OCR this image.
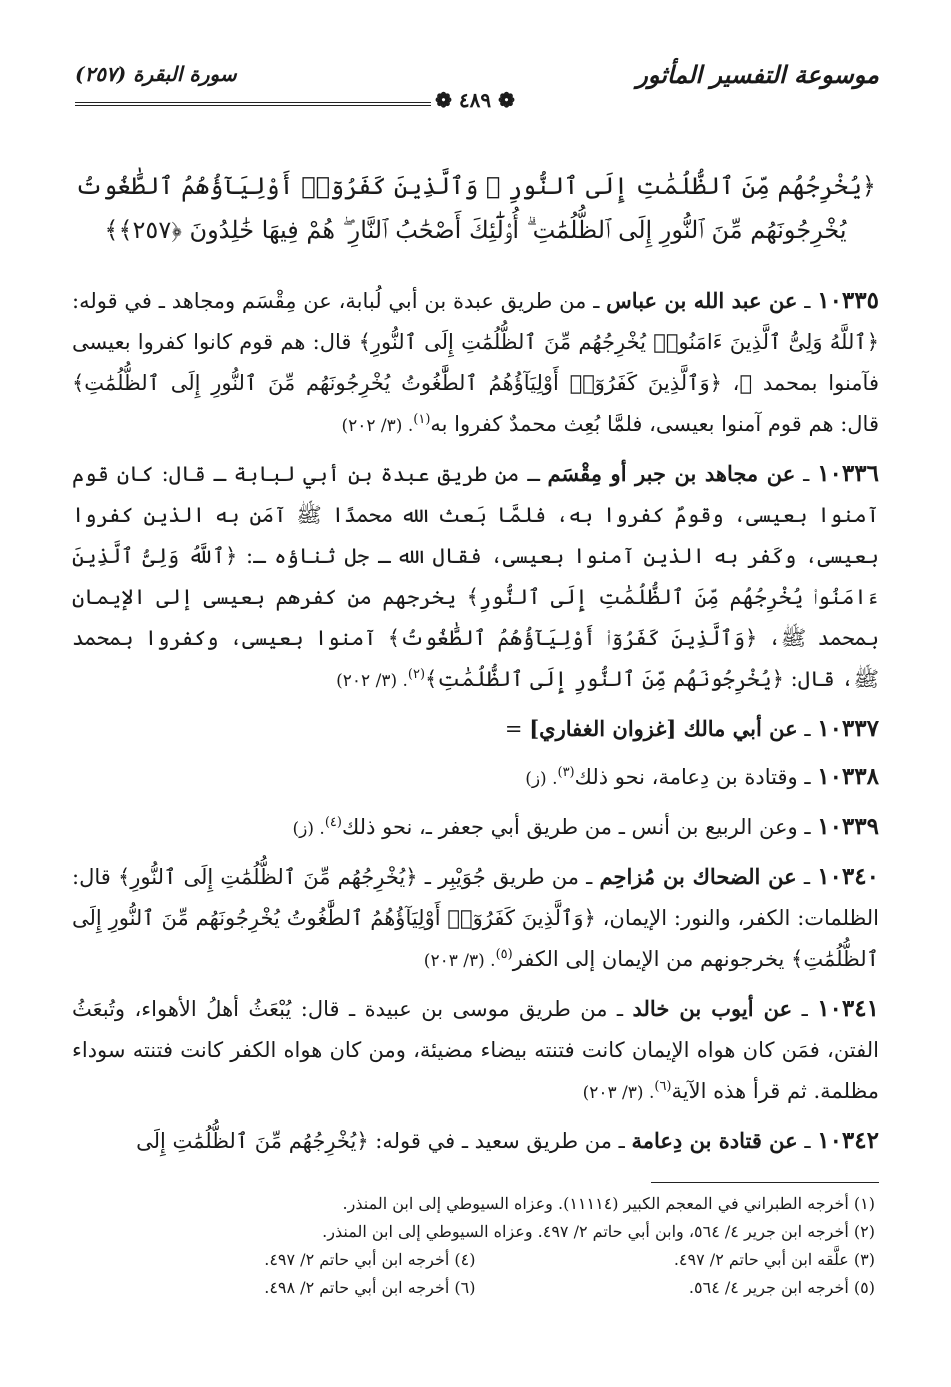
موسوعة التفسير المأثور
سورة البقرة (٢٥٧)
❁ ٤٨٩ ❁
﴿يُخْرِجُهُم مِّنَ ٱلظُّلُمَٰتِ إِلَى ٱلنُّورِ ۖ وَٱلَّذِينَ كَفَرُوٓا۟ أَوْلِيَآؤُهُمُ ٱلطَّٰغُوتُ
يُخْرِجُونَهُم مِّنَ ٱلنُّورِ إِلَى ٱلظُّلُمَٰتِ ۗ أُو۟لَٰٓئِكَ أَصْحَٰبُ ٱلنَّارِ ۖ هُمْ فِيهَا خَٰلِدُونَ ﴿٢٥٧﴾﴾
١٠٣٣٥ ـ عن عبد الله بن عباس ـ من طريق عبدة بن أبي لُبابة، عن مِقْسَم ومجاهد ـ في قوله: ﴿ٱللَّهُ وَلِىُّ ٱلَّذِينَ ءَامَنُوا۟ يُخْرِجُهُم مِّنَ ٱلظُّلُمَٰتِ إِلَى ٱلنُّورِ﴾ قال: هم قوم كانوا كفروا بعيسى فآمنوا بمحمد ﷺ، ﴿وَٱلَّذِينَ كَفَرُوٓا۟ أَوْلِيَآؤُهُمُ ٱلطَّٰغُوتُ يُخْرِجُونَهُم مِّنَ ٱلنُّورِ إِلَى ٱلظُّلُمَٰتِ﴾ قال: هم قوم آمنوا بعيسى، فلمَّا بُعِث محمدٌ كفروا به$^{(١)}$. (٣/ ٢٠٢)
١٠٣٣٦ ـ عن مجاهد بن جبر أو مِقْسَم ـ من طريق عبدة بن أبي لبابة ـ قال: كان قوم آمنوا بعيسى، وقومٌ كفروا به، فلمَّا بَعث الله محمدًا ﷺ آمَن به الذين كفروا بعيسى، وكَفر به الذين آمنوا بعيسى، فقال الله ـ جل ثناؤه ـ: ﴿ٱللَّهُ وَلِىُّ ٱلَّذِينَ ءَامَنُوا۟ يُخْرِجُهُم مِّنَ ٱلظُّلُمَٰتِ إِلَى ٱلنُّورِ﴾ يخرجهم من كفرهم بعيسى إلى الإيمان بمحمد ﷺ، ﴿وَٱلَّذِينَ كَفَرُوٓا۟ أَوْلِيَآؤُهُمُ ٱلطَّٰغُوتُ﴾ آمنوا بعيسى، وكفروا بمحمد ﷺ، قال: ﴿يُخْرِجُونَهُم مِّنَ ٱلنُّورِ إِلَى ٱلظُّلُمَٰتِ﴾$^{(٢)}$. (٣/ ٢٠٢)
١٠٣٣٧ ـ عن أبي مالك [غزوان الغفاري] =
١٠٣٣٨ ـ وقتادة بن دِعامة، نحو ذلك$^{(٣)}$. (ز)
١٠٣٣٩ ـ وعن الربيع بن أنس ـ من طريق أبي جعفر ـ، نحو ذلك$^{(٤)}$. (ز)
١٠٣٤٠ ـ عن الضحاك بن مُزاحِم ـ من طريق جُوَيْبِر ـ ﴿يُخْرِجُهُم مِّنَ ٱلظُّلُمَٰتِ إِلَى ٱلنُّورِ﴾ قال: الظلمات: الكفر، والنور: الإيمان، ﴿وَٱلَّذِينَ كَفَرُوٓا۟ أَوْلِيَآؤُهُمُ ٱلطَّٰغُوتُ يُخْرِجُونَهُم مِّنَ ٱلنُّورِ إِلَى ٱلظُّلُمَٰتِ﴾ يخرجونهم من الإيمان إلى الكفر$^{(٥)}$. (٣/ ٢٠٣)
١٠٣٤١ ـ عن أيوب بن خالد ـ من طريق موسى بن عبيدة ـ قال: يُبْعَثُ أهلُ الأهواء، وتُبعَثُ الفتن، فمَن كان هواه الإيمان كانت فتنته بيضاء مضيئة، ومن كان هواه الكفر كانت فتنته سوداء مظلمة. ثم قرأ هذه الآية$^{(٦)}$. (٣/ ٢٠٣)
١٠٣٤٢ ـ عن قتادة بن دِعامة ـ من طريق سعيد ـ في قوله: ﴿يُخْرِجُهُم مِّنَ ٱلظُّلُمَٰتِ إِلَى
(١) أخرجه الطبراني في المعجم الكبير (١١١١٤). وعزاه السيوطي إلى ابن المنذر.
(٢) أخرجه ابن جرير ٤/ ٥٦٤، وابن أبي حاتم ٢/ ٤٩٧. وعزاه السيوطي إلى ابن المنذر.
(٣) علَّقه ابن أبي حاتم ٢/ ٤٩٧.
(٤) أخرجه ابن أبي حاتم ٢/ ٤٩٧.
(٥) أخرجه ابن جرير ٤/ ٥٦٤.
(٦) أخرجه ابن أبي حاتم ٢/ ٤٩٨.
